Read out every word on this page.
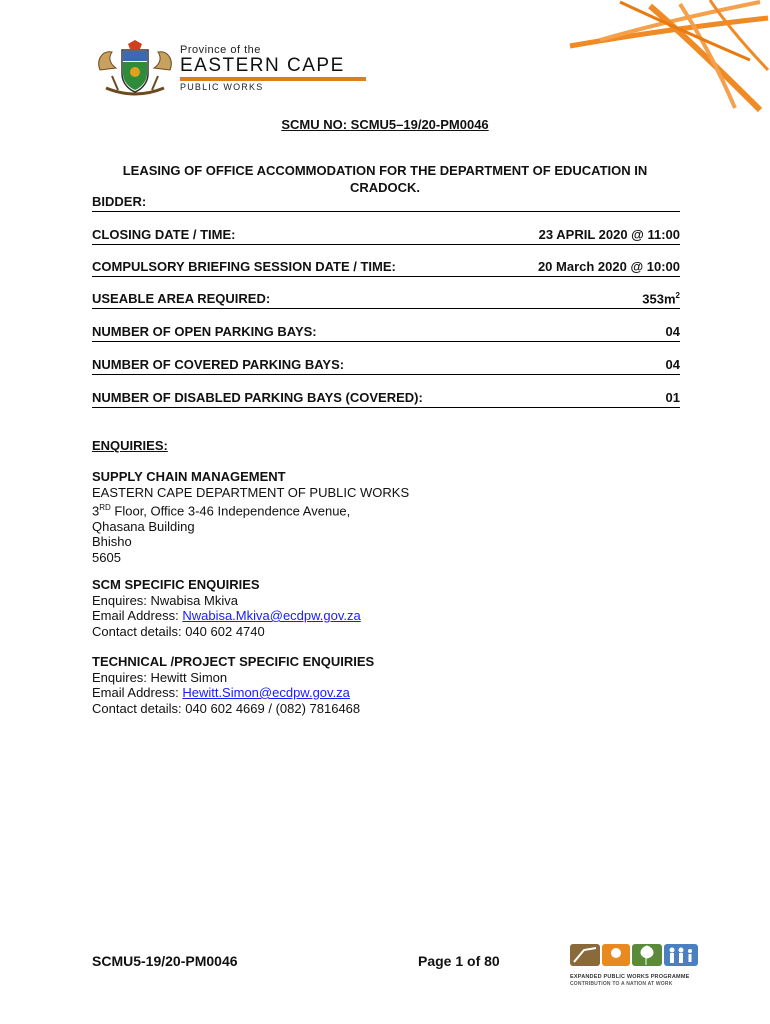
Province of the
EASTERN CAPE
PUBLIC WORKS
SCMU NO: SCMU5–19/20-PM0046
LEASING OF OFFICE ACCOMMODATION FOR THE DEPARTMENT OF EDUCATION IN CRADOCK.
BIDDER:
CLOSING DATE / TIME:	23 APRIL 2020 @ 11:00
COMPULSORY BRIEFING SESSION DATE / TIME:	20 March 2020 @ 10:00
USEABLE AREA REQUIRED:	$353m^2$
NUMBER OF OPEN PARKING BAYS:	04
NUMBER OF COVERED PARKING BAYS:	04
NUMBER OF DISABLED PARKING BAYS (COVERED):	01
ENQUIRIES:
SUPPLY CHAIN MANAGEMENT
EASTERN CAPE DEPARTMENT OF PUBLIC WORKS
3RD Floor, Office 3-46 Independence Avenue,
Qhasana Building
Bhisho
5605
SCM SPECIFIC ENQUIRIES
Enquires: Nwabisa Mkiva
Email Address: Nwabisa.Mkiva@ecdpw.gov.za
Contact details: 040 602 4740
TECHNICAL /PROJECT SPECIFIC ENQUIRIES
Enquires: Hewitt Simon
Email Address: Hewitt.Simon@ecdpw.gov.za
Contact details: 040 602 4669 / (082) 7816468
SCMU5-19/20-PM0046	Page 1 of 80
EXPANDED PUBLIC WORKS PROGRAMME
CONTRIBUTION TO A NATION AT WORK
